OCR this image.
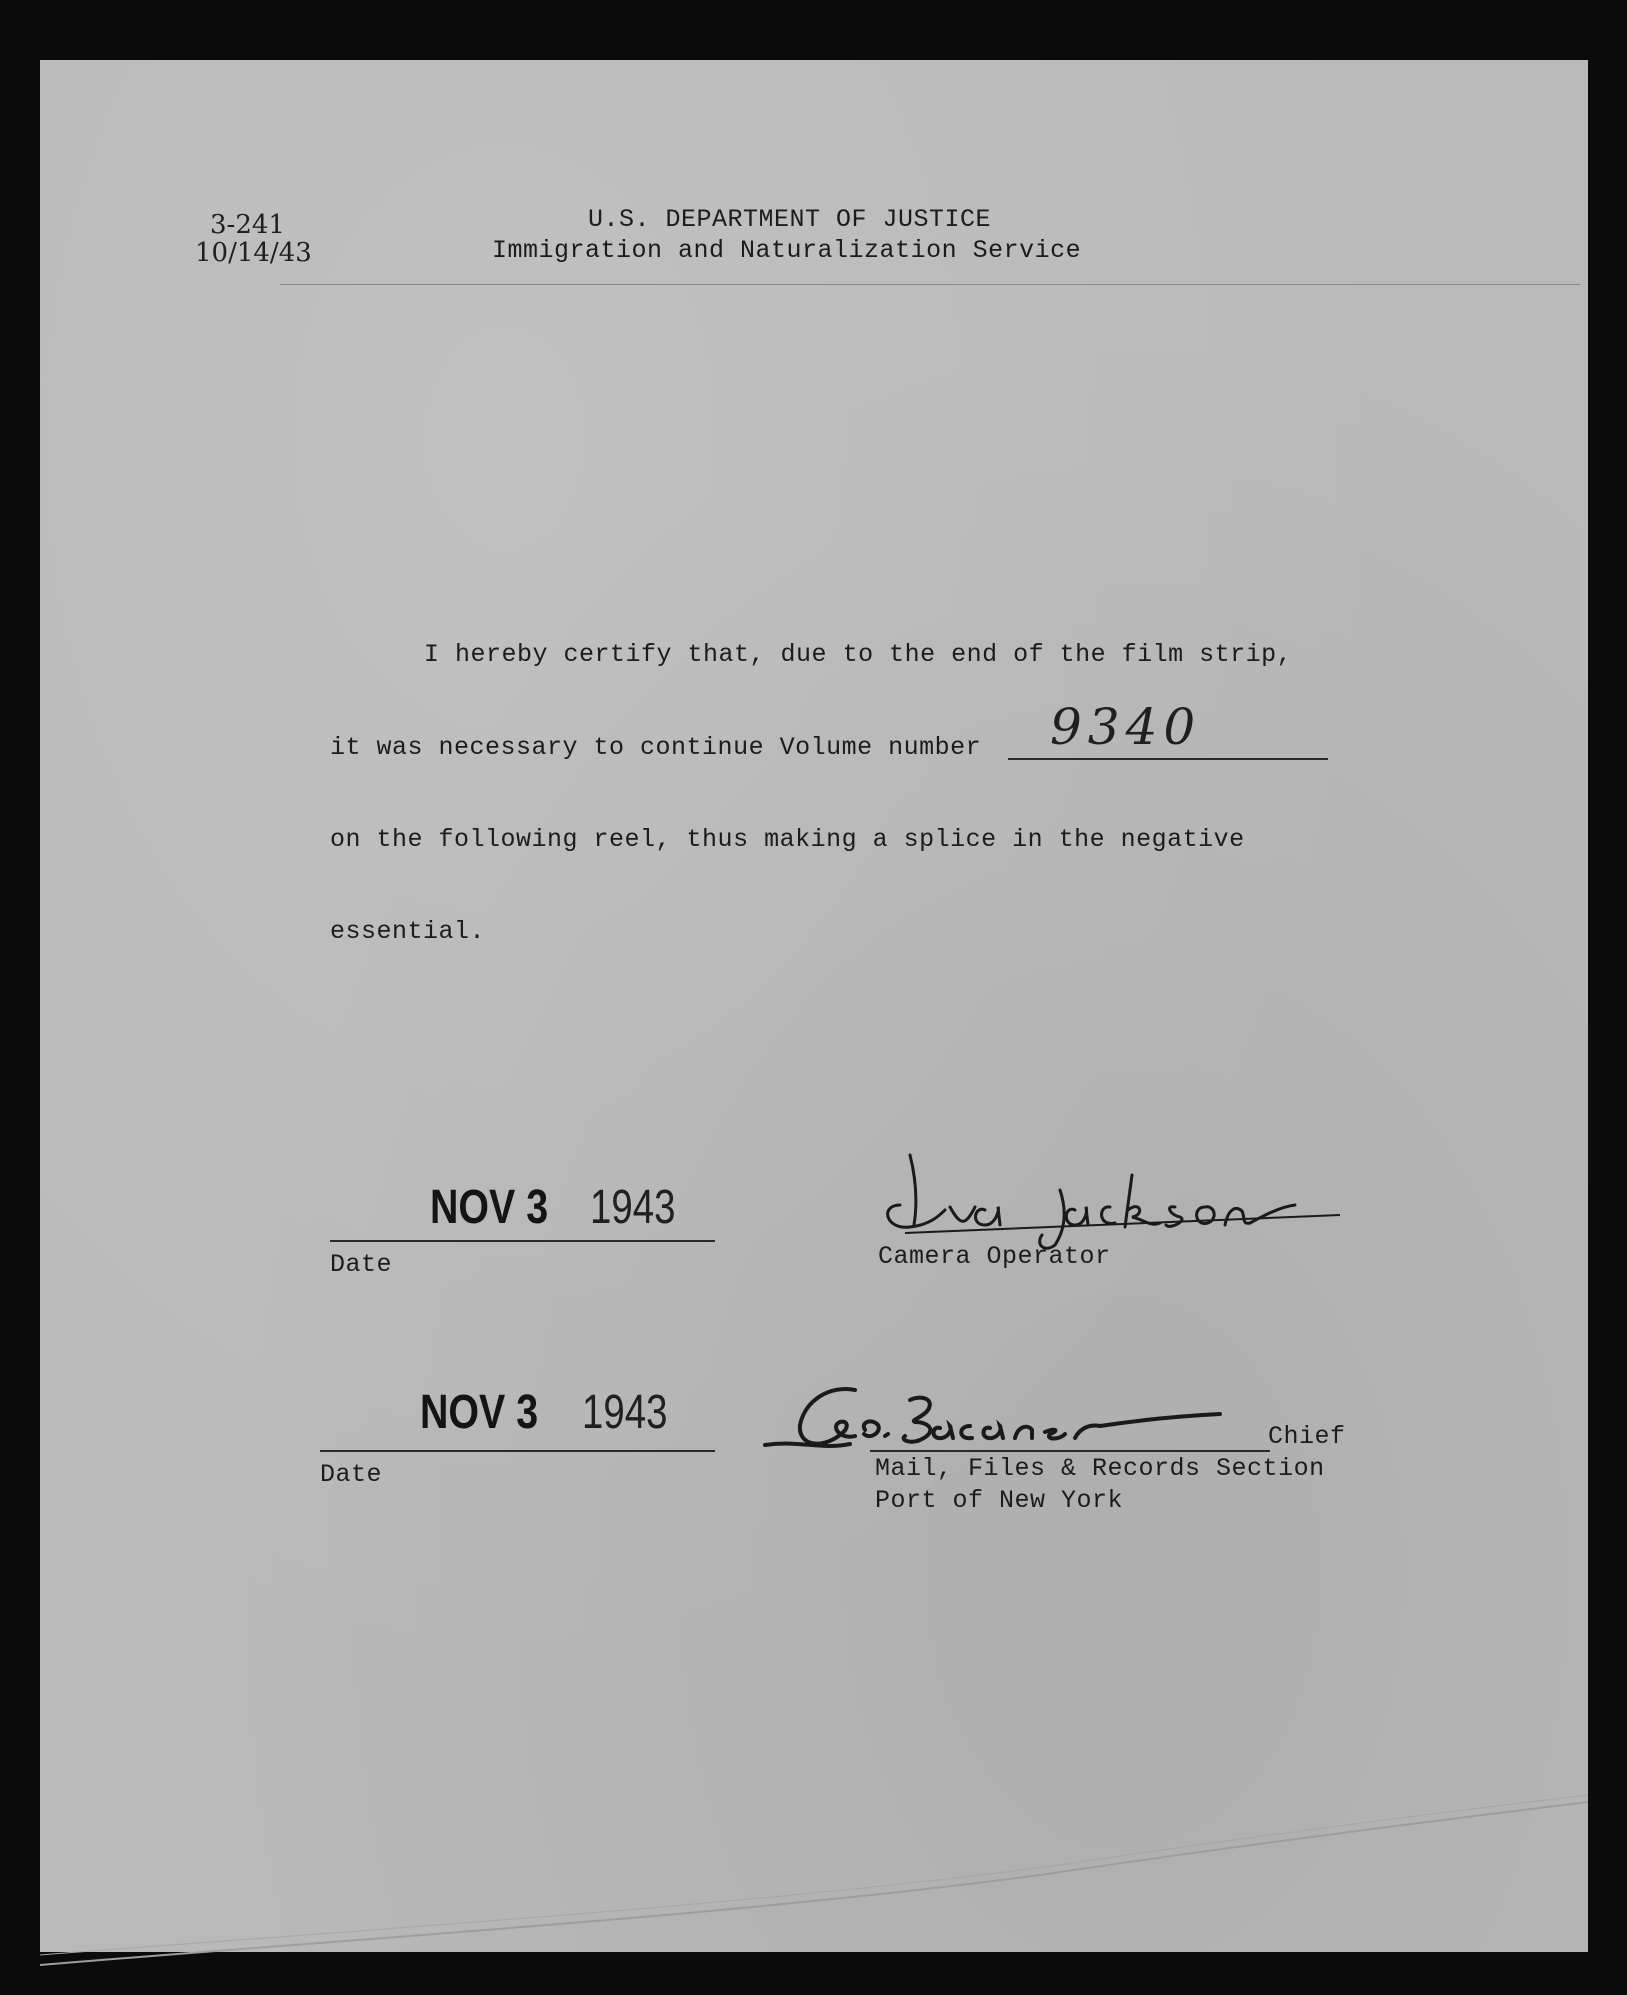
3-241
10/14/43
U.S. DEPARTMENT OF JUSTICE
Immigration and Naturalization Service
I hereby certify that, due to the end of the film strip,
it was necessary to continue Volume number 9340
on the following reel, thus making a splice in the negative
essential.
NOV 3 1943
Date	Camera Operator
NOV 3 1943
Date
Chief
Mail, Files & Records Section
Port of New York
